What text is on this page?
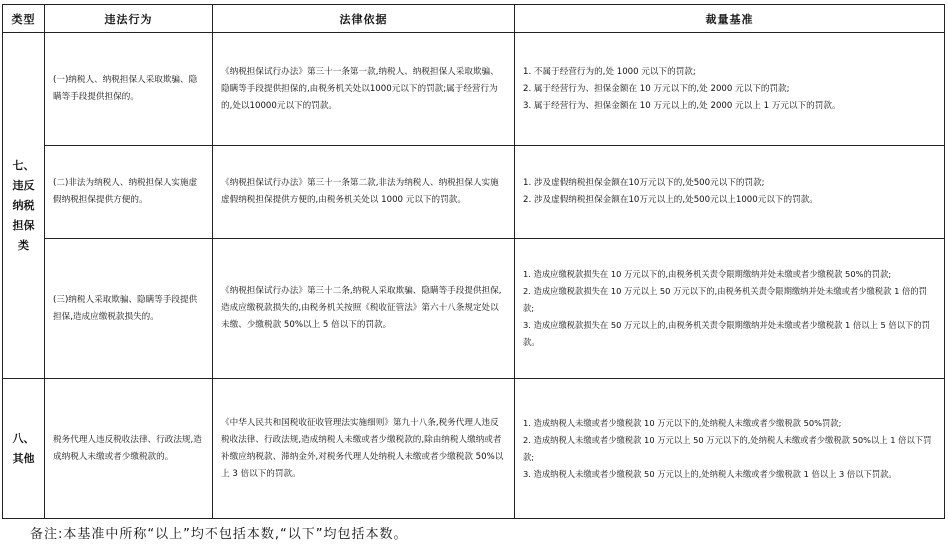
类型	违法行为	法律依据	裁量基准
七、违反纳税担保类	(一)纳税人、纳税担保人采取欺骗、隐瞒等手段提供担保的。	《纳税担保试行办法》第三十一条第一款,纳税人、纳税担保人采取欺骗、隐瞒等手段提供担保的,由税务机关处以1000元以下的罚款;属于经营行为的,处以10000元以下的罚款。	1. 不属于经营行为的,处 1000 元以下的罚款;
2. 属于经营行为、担保金额在 10 万元以下的,处 2000 元以下的罚款;
3. 属于经营行为、担保金额在 10 万元以上的,处 2000 元以上 1 万元以下的罚款。

	(二)非法为纳税人、纳税担保人实施虚假纳税担保提供方便的。	《纳税担保试行办法》第三十一条第二款,非法为纳税人、纳税担保人实施虚假纳税担保提供方便的,由税务机关处以 1000 元以下的罚款。	1. 涉及虚假纳税担保金额在10万元以下的,处500元以下的罚款;
2. 涉及虚假纳税担保金额在10万元以上的,处500元以上1000元以下的罚款。

	(三)纳税人采取欺骗、隐瞒等手段提供担保,造成应缴税款损失的。	《纳税担保试行办法》第三十二条,纳税人采取欺骗、隐瞒等手段提供担保,造成应缴税款损失的,由税务机关按照《税收征管法》第六十八条规定处以未缴、少缴税款 50%以上 5 倍以下的罚款。	1. 造成应缴税款损失在 10 万元以下的,由税务机关责令限期缴纳并处未缴或者少缴税款 50%的罚款;
2. 造成应缴税款损失在 10 万元以上 50 万元以下的,由税务机关责令限期缴纳并处未缴或者少缴税款 1 倍的罚款;
3. 造成应缴税款损失在 50 万元以上的,由税务机关责令限期缴纳并处未缴或者少缴税款 1 倍以上 5 倍以下的罚款。

八、其他	税务代理人违反税收法律、行政法规,造成纳税人未缴或者少缴税款的。	《中华人民共和国税收征收管理法实施细则》第九十八条,税务代理人违反税收法律、行政法规,造成纳税人未缴或者少缴税款的,除由纳税人缴纳或者补缴应纳税款、滞纳金外,对税务代理人处纳税人未缴或者少缴税款 50%以上 3 倍以下的罚款。	1. 造成纳税人未缴或者少缴税款 10 万元以下的,处纳税人未缴或者少缴税款 50%罚款;
2. 造成纳税人未缴或者少缴税款 10 万元以上 50 万元以下的,处纳税人未缴或者少缴税款 50%以上 1 倍以下罚款;
3. 造成纳税人未缴或者少缴税款 50 万元以上的,处纳税人未缴或者少缴税款 1 倍以上 3 倍以下罚款。
备注:本基准中所称“以上”均不包括本数,“以下”均包括本数。
